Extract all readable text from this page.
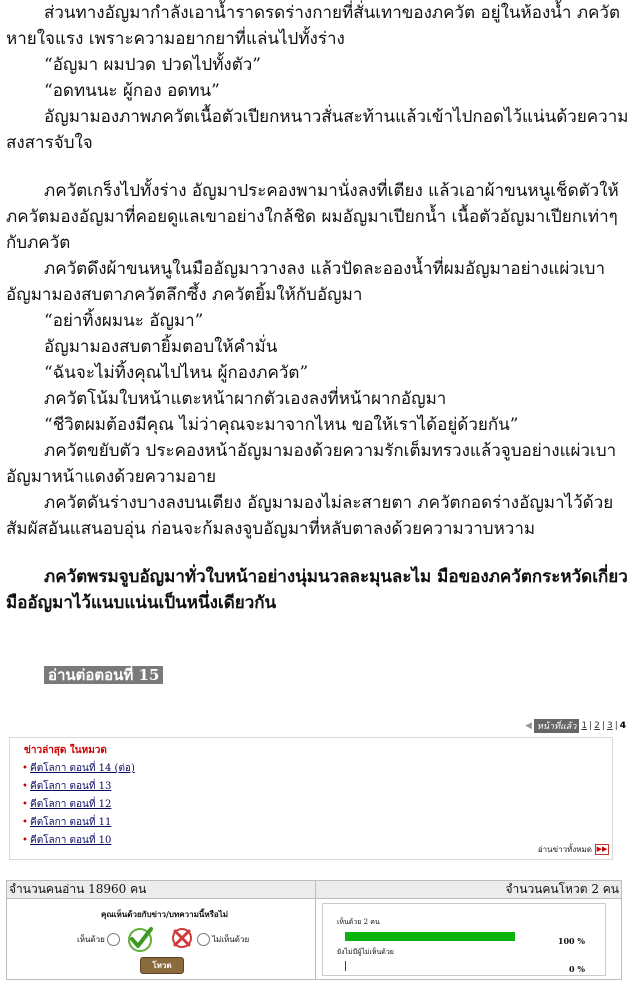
ส่วนทางอัญมากำลังเอาน้ำราดรดร่างกายที่สั่นเทาของภควัต อยู่ในห้องน้ำ ภควัตหายใจแรง เพราะความอยากยาที่แล่นไปทั้งร่าง

“อัญมา ผมปวด ปวดไปทั้งตัว”

“อดทนนะ ผู้กอง อดทน”

อัญมามองภาพภควัตเนื้อตัวเปียกหนาวสั่นสะท้านแล้วเข้าไปกอดไว้แน่นด้วยความสงสารจับใจ

ภควัตเกร็งไปทั้งร่าง อัญมาประคองพามานั่งลงที่เตียง แล้วเอาผ้าขนหนูเช็ดตัวให้ ภควัตมองอัญมาที่คอยดูแลเขาอย่างใกล้ชิด ผมอัญมาเปียกน้ำ เนื้อตัวอัญมาเปียกเท่าๆ กับภควัต

ภควัตดึงผ้าขนหนูในมืออัญมาวางลง แล้วปัดละอองน้ำที่ผมอัญมาอย่างแผ่วเบา อัญมามองสบตาภควัตลึกซึ้ง ภควัตยิ้มให้กับอัญมา

“อย่าทิ้งผมนะ อัญมา”

อัญมามองสบตายิ้มตอบให้คำมั่น

“ฉันจะไม่ทิ้งคุณไปไหน ผู้กองภควัต”

ภควัตโน้มใบหน้าแตะหน้าผากตัวเองลงที่หน้าผากอัญมา

“ชีวิตผมต้องมีคุณ ไม่ว่าคุณจะมาจากไหน ขอให้เราได้อยู่ด้วยกัน”

ภควัตขยับตัว ประคองหน้าอัญมามองด้วยความรักเต็มทรวงแล้วจูบอย่างแผ่วเบา อัญมาหน้าแดงด้วยความอาย

ภควัตดันร่างบางลงบนเตียง อัญมามองไม่ละสายตา ภควัตกอดร่างอัญมาไว้ด้วยสัมผัสอันแสนอบอุ่น ก่อนจะก้มลงจูบอัญมาที่หลับตาลงด้วยความวาบหวาม

ภควัตพรมจูบอัญมาทั่วใบหน้าอย่างนุ่มนวลละมุนละไม มือของภควัตกระหวัดเกี่ยวมืออัญมาไว้แนบแน่นเป็นหนึ่งเดียวกัน

อ่านต่อตอนที่ 15
◀ หน้าที่แล้ว 1 | 2 | 3 | 4
ข่าวล่าสุด ในหมวด
• คีตโลกา ตอนที่ 14 (ต่อ)
• คีตโลกา ตอนที่ 13
• คีตโลกา ตอนที่ 12
• คีตโลกา ตอนที่ 11
• คีตโลกา ตอนที่ 10
อ่านข่าวทั้งหมด ▶▶
จำนวนคนอ่าน 18960 คน	จำนวนคนโหวต 2 คน
คุณเห็นด้วยกับข่าว/บทความนี้หรือไม่
เห็นด้วย	ไม่เห็นด้วย
โหวต
เห็นด้วย 2 คน
100 %
ยังไม่มีผู้ไม่เห็นด้วย
0 %
